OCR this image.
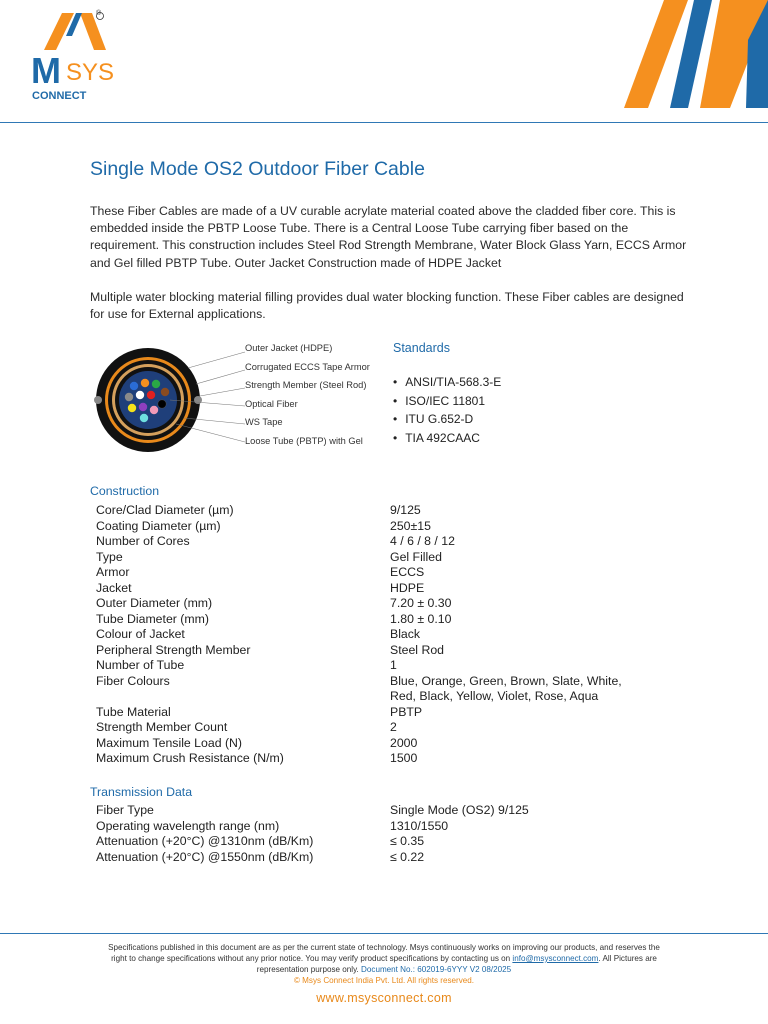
®
M SYS
CONNECT
Single Mode OS2 Outdoor Fiber Cable

These Fiber Cables are made of a UV curable acrylate material coated above the cladded fiber core. This is embedded inside the PBTP Loose Tube. There is a Central Loose Tube carrying fiber based on the requirement. This construction includes Steel Rod Strength Membrane, Water Block Glass Yarn, ECCS Armor and Gel filled PBTP Tube. Outer Jacket Construction made of HDPE Jacket

Multiple water blocking material filling provides dual water blocking function. These Fiber cables are designed for use for External applications.

Outer Jacket (HDPE)
Corrugated ECCS Tape Armor
Strength Member (Steel Rod)
Optical Fiber
WS Tape
Loose Tube (PBTP) with Gel
Standards
• ANSI/TIA-568.3-E
• ISO/IEC 11801
• ITU G.652-D
• TIA 492CAAC
Construction
Core/Clad Diameter (µm)	9/125
Coating Diameter (µm)	250±15
Number of Cores	4 / 6 / 8 / 12
Type	Gel Filled
Armor	ECCS
Jacket	HDPE
Outer Diameter (mm)	7.20 ± 0.30
Tube Diameter (mm)	1.80 ± 0.10
Colour of Jacket	Black
Peripheral Strength Member	Steel Rod
Number of Tube	1
Fiber Colours	Blue, Orange, Green, Brown, Slate, White,
Red, Black, Yellow, Violet, Rose, Aqua
Tube Material	PBTP
Strength Member Count	2
Maximum Tensile Load (N)	2000
Maximum Crush Resistance (N/m)	1500
Transmission Data
Fiber Type	Single Mode (OS2) 9/125
Operating wavelength range (nm)	1310/1550
Attenuation (+20°C) @1310nm (dB/Km)	≤ 0.35
Attenuation (+20°C) @1550nm (dB/Km)	≤ 0.22
Specifications published in this document are as per the current state of technology. Msys continuously works on improving our products, and reserves the
right to change specifications without any prior notice. You may verify product specifications by contacting us on info@msysconnect.com. All Pictures are
representation purpose only. Document No.: 602019-6YYY V2 08/2025
© Msys Connect India Pvt. Ltd. All rights reserved.
www.msysconnect.com
